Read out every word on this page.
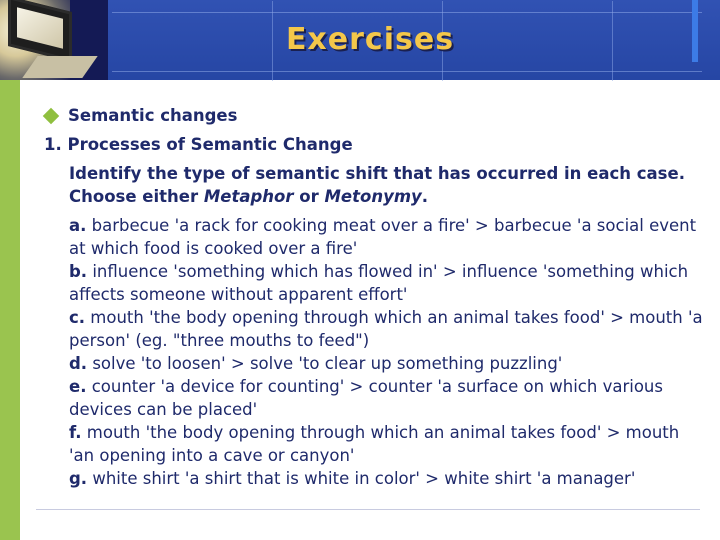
Exercises
Semantic changes
1. Processes of Semantic Change
Identify the type of semantic shift that has occurred in each case. Choose either Metaphor or Metonymy.
a. barbecue 'a rack for cooking meat over a fire' > barbecue 'a social event at which food is cooked over a fire'
b. influence 'something which has flowed in' > influence 'something which affects someone without apparent effort'
c. mouth 'the body opening through which an animal takes food' > mouth 'a person' (eg. "three mouths to feed")
d. solve 'to loosen' > solve 'to clear up something puzzling'
e. counter 'a device for counting' > counter 'a surface on which various devices can be placed'
f. mouth 'the body opening through which an animal takes food' > mouth 'an opening into a cave or canyon'
g. white shirt 'a shirt that is white in color' > white shirt 'a manager'
